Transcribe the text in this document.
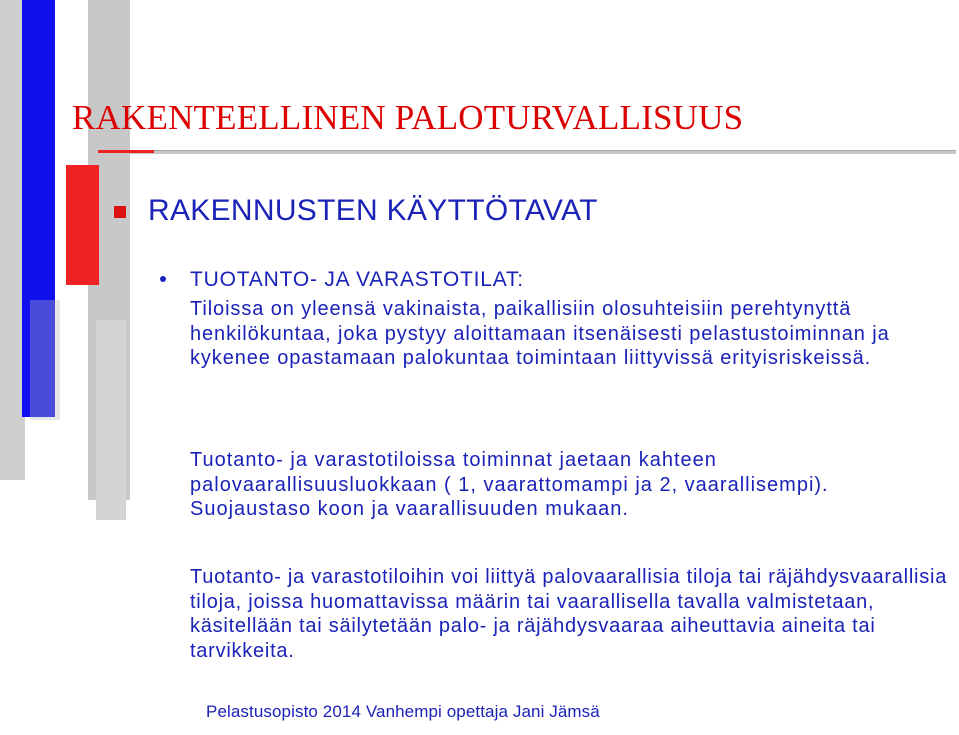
RAKENTEELLINEN PALOTURVALLISUUS
RAKENNUSTEN KÄYTTÖTAVAT
TUOTANTO- JA VARASTOTILAT:

Tiloissa on yleensä vakinaista, paikallisiin olosuhteisiin perehtynyttä henkilökuntaa, joka pystyy aloittamaan itsenäisesti pelastustoiminnan ja kykenee opastamaan palokuntaa toimintaan liittyvissä erityisriskeissä.

Tuotanto- ja varastotiloissa toiminnat jaetaan kahteen palovaarallisuusluokkaan ( 1, vaarattomampi ja 2, vaarallisempi). Suojaustaso koon ja vaarallisuuden mukaan.

Tuotanto- ja varastotiloihin voi liittyä palovaarallisia tiloja tai räjähdysvaarallisia tiloja, joissa huomattavissa määrin tai vaarallisella tavalla valmistetaan, käsitellään tai säilytetään palo- ja räjähdysvaaraa aiheuttavia aineita tai tarvikkeita.

Pelastusopisto 2014 Vanhempi opettaja Jani Jämsä
